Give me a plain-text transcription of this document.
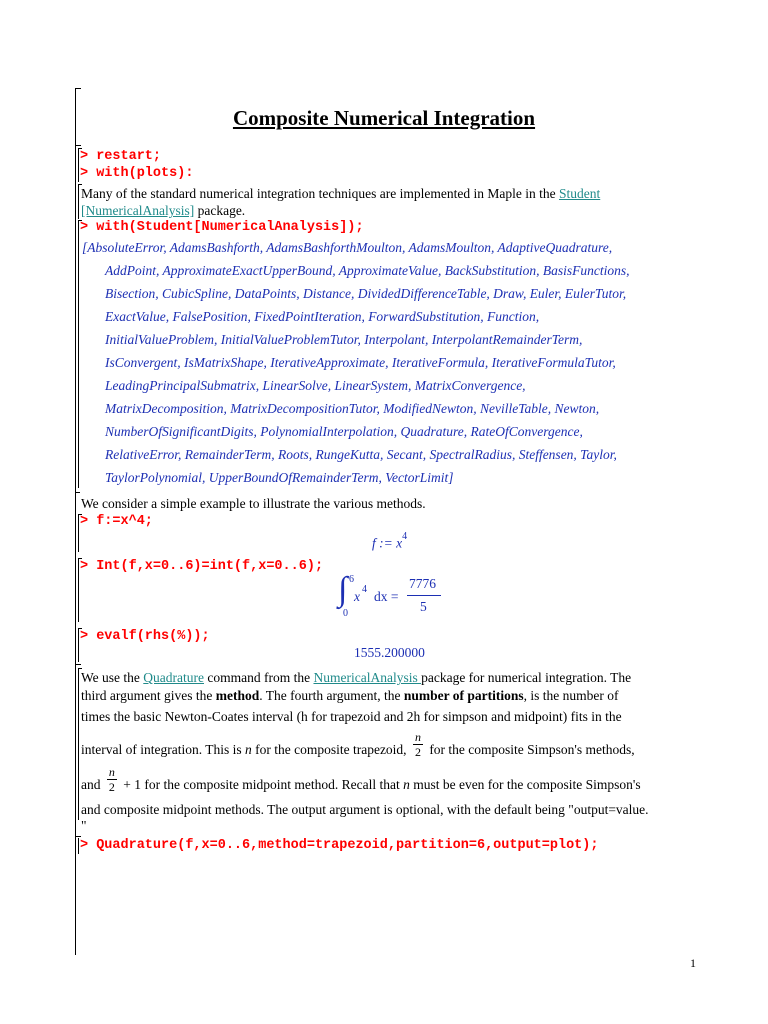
Composite Numerical Integration
> restart;
> with(plots):
Many of the standard numerical integration techniques are implemented in Maple in the Student
[NumericalAnalysis] package.
> with(Student[NumericalAnalysis]);
[AbsoluteError, AdamsBashforth, AdamsBashforthMoulton, AdamsMoulton, AdaptiveQuadrature,
AddPoint, ApproximateExactUpperBound, ApproximateValue, BackSubstitution, BasisFunctions,
Bisection, CubicSpline, DataPoints, Distance, DividedDifferenceTable, Draw, Euler, EulerTutor,
ExactValue, FalsePosition, FixedPointIteration, ForwardSubstitution, Function,
InitialValueProblem, InitialValueProblemTutor, Interpolant, InterpolantRemainderTerm,
IsConvergent, IsMatrixShape, IterativeApproximate, IterativeFormula, IterativeFormulaTutor,
LeadingPrincipalSubmatrix, LinearSolve, LinearSystem, MatrixConvergence,
MatrixDecomposition, MatrixDecompositionTutor, ModifiedNewton, NevilleTable, Newton,
NumberOfSignificantDigits, PolynomialInterpolation, Quadrature, RateOfConvergence,
RelativeError, RemainderTerm, Roots, RungeKutta, Secant, SpectralRadius, Steffensen, Taylor,
TaylorPolynomial, UpperBoundOfRemainderTerm, VectorLimit]
We consider a simple example to illustrate the various methods.
> f:=x^4;
f := $x^4$
> Int(f,x=0..6)=int(f,x=0..6);
∫ 6
0
x 4 dx =
7776
5
> evalf(rhs(%));
1555.200000
We use the Quadrature command from the NumericalAnalysis package for numerical integration. The
third argument gives the method. The fourth argument, the number of partitions, is the number of
times the basic Newton-Coates interval (h for trapezoid and 2h for simpson and midpoint) fits in the
interval of integration. This is n for the composite trapezoid, $\frac{n}{2}$ for the composite Simpson's methods,
and $\frac{n}{2} + 1$ for the composite midpoint method. Recall that n must be even for the composite Simpson's
and composite midpoint methods. The output argument is optional, with the default being "output=value.
"
> Quadrature(f,x=0..6,method=trapezoid,partition=6,output=plot);
1
